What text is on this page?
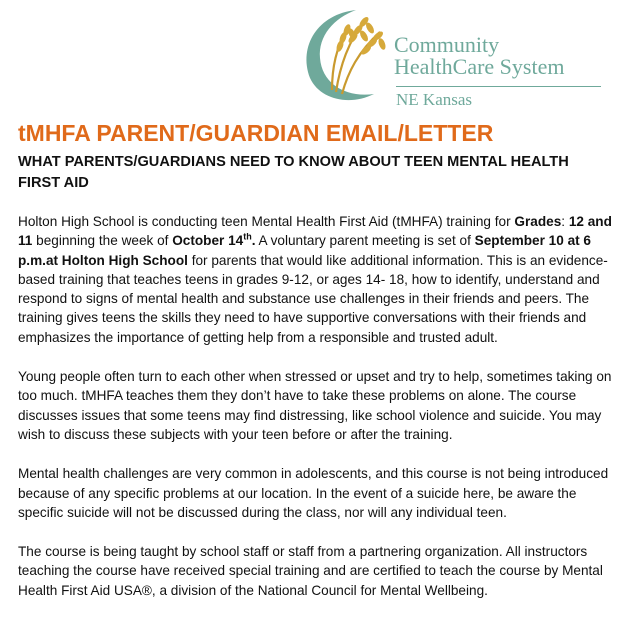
Community
HealthCare System
NE Kansas
tMHFA PARENT/GUARDIAN EMAIL/LETTER

WHAT PARENTS/GUARDIANS NEED TO KNOW ABOUT TEEN MENTAL HEALTH FIRST AID

Holton High School is conducting teen Mental Health First Aid (tMHFA) training for Grades: 12 and 11 beginning the week of October 14th. A voluntary parent meeting is set of September 10 at 6 p.m.at Holton High School for parents that would like additional information. This is an evidence-based training that teaches teens in grades 9-12, or ages 14- 18, how to identify, understand and respond to signs of mental health and substance use challenges in their friends and peers. The training gives teens the skills they need to have supportive conversations with their friends and emphasizes the importance of getting help from a responsible and trusted adult.

Young people often turn to each other when stressed or upset and try to help, sometimes taking on too much. tMHFA teaches them they don’t have to take these problems on alone. The course discusses issues that some teens may find distressing, like school violence and suicide. You may wish to discuss these subjects with your teen before or after the training.

Mental health challenges are very common in adolescents, and this course is not being introduced because of any specific problems at our location. In the event of a suicide here, be aware the specific suicide will not be discussed during the class, nor will any individual teen.

The course is being taught by school staff or staff from a partnering organization. All instructors teaching the course have received special training and are certified to teach the course by Mental Health First Aid USA®, a division of the National Council for Mental Wellbeing.
